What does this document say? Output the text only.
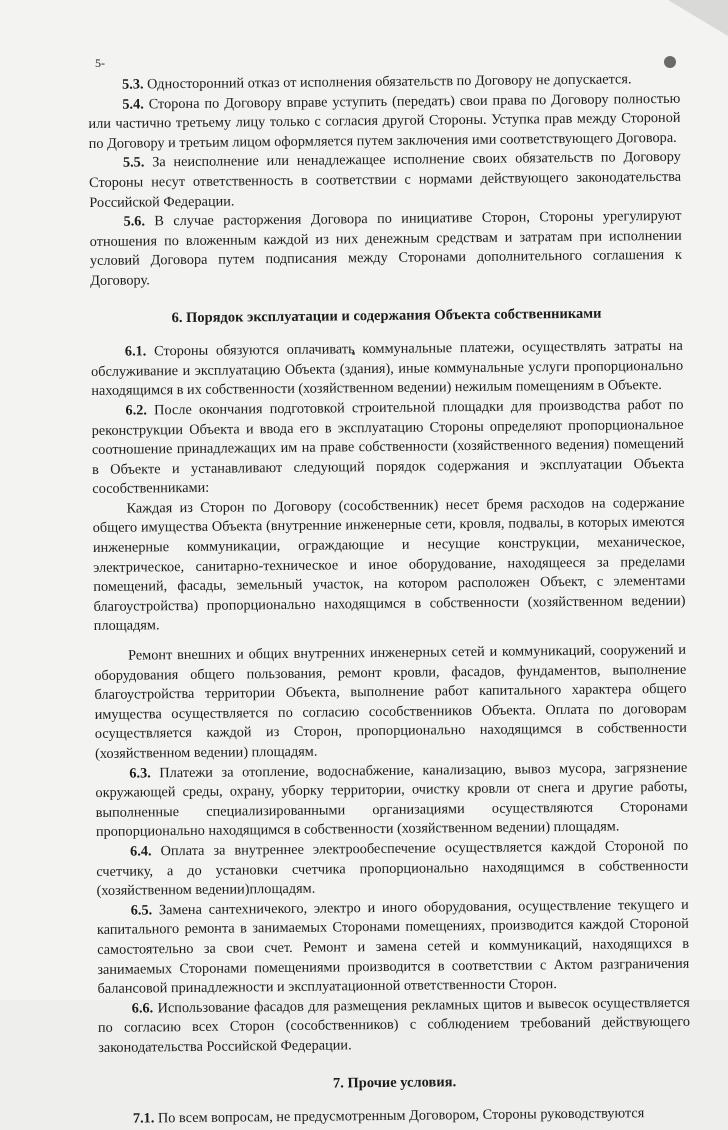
5-

5.3. Односторонний отказ от исполнения обязательств по Договору не допускается.

5.4. Сторона по Договору вправе уступить (передать) свои права по Договору полностью или частично третьему лицу только с согласия другой Стороны. Уступка прав между Стороной по Договору и третьим лицом оформляется путем заключения ими соответствующего Договора.

5.5. За неисполнение или ненадлежащее исполнение своих обязательств по Договору Стороны несут ответственность в соответствии с нормами действующего законодательства Российской Федерации.

5.6. В случае расторжения Договора по инициативе Сторон, Стороны урегулируют отношения по вложенным каждой из них денежным средствам и затратам при исполнении условий Договора путем подписания между Сторонами дополнительного соглашения к Договору.

6. Порядок эксплуатации и содержания Объекта собственниками

6.1. Стороны обязуются оплачивать коммунальные платежи, осуществлять затраты на обслуживание и эксплуатацию Объекта (здания), иные коммунальные услуги пропорционально находящимся в их собственности (хозяйственном ведении) нежилым помещениям в Объекте.

6.2. После окончания подготовкой строительной площадки для производства работ по реконструкции Объекта и ввода его в эксплуатацию Стороны определяют пропорциональное соотношение принадлежащих им на праве собственности (хозяйственного ведения) помещений в Объекте и устанавливают следующий порядок содержания и эксплуатации Объекта сособственниками:

Каждая из Сторон по Договору (сособственник) несет бремя расходов на содержание общего имущества Объекта (внутренние инженерные сети, кровля, подвалы, в которых имеются инженерные коммуникации, ограждающие и несущие конструкции, механическое, электрическое, санитарно-техническое и иное оборудование, находящееся за пределами помещений, фасады, земельный участок, на котором расположен Объект, с элементами благоустройства) пропорционально находящимся в собственности (хозяйственном ведении) площадям.

Ремонт внешних и общих внутренних инженерных сетей и коммуникаций, сооружений и оборудования общего пользования, ремонт кровли, фасадов, фундаментов, выполнение благоустройства территории Объекта, выполнение работ капитального характера общего имущества осуществляется по согласию сособственников Объекта. Оплата по договорам осуществляется каждой из Сторон, пропорционально находящимся в собственности (хозяйственном ведении) площадям.

6.3. Платежи за отопление, водоснабжение, канализацию, вывоз мусора, загрязнение окружающей среды, охрану, уборку территории, очистку кровли от снега и другие работы, выполненные специализированными организациями осуществляются Сторонами пропорционально находящимся в собственности (хозяйственном ведении) площадям.

6.4. Оплата за внутреннее электрообеспечение осуществляется каждой Стороной по счетчику, а до установки счетчика пропорционально находящимся в собственности (хозяйственном ведении)площадям.

6.5. Замена сантехничекого, электро и иного оборудования, осуществление текущего и капитального ремонта в занимаемых Сторонами помещениях, производится каждой Стороной самостоятельно за свои счет. Ремонт и замена сетей и коммуникаций, находящихся в занимаемых Сторонами помещениями производится в соответствии с Актом разграничения балансовой принадлежности и эксплуатационной ответственности Сторон.

6.6. Использование фасадов для размещения рекламных щитов и вывесок осуществляется по согласию всех Сторон (сособственников) с соблюдением требований действующего законодательства Российской Федерации.

7. Прочие условия.

7.1. По всем вопросам, не предусмотренным Договором, Стороны руководствуются
